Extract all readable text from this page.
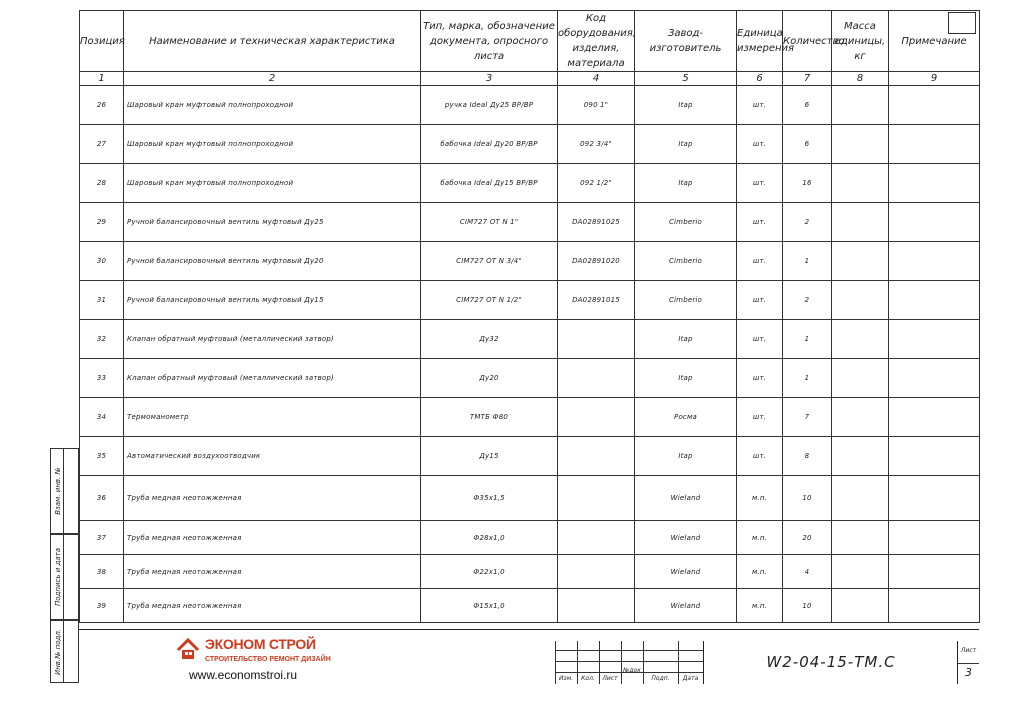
Позиция	Наименование и техническая характеристика	Тип, марка, обозначение документа, опросного листа	Код оборудования, изделия, материала	Завод-изготовитель	Единица измерения	Количество	Масса единицы, кг	Примечание
1	2	3	4	5	6	7	8	9
26	Шаровый кран муфтовый полнопроходной	ручка Ideal Ду25 ВР/ВР	090 1"	Itap	шт.	6		
27	Шаровый кран муфтовый полнопроходной	бабочка Ideal Ду20 ВР/ВР	092 3/4"	Itap	шт.	6		
28	Шаровый кран муфтовый полнопроходной	бабочка Ideal Ду15 ВР/ВР	092 1/2"	Itap	шт.	16		
29	Ручной балансировочный вентиль муфтовый Ду25	CIM727 OT N 1"	DA02891025	Cimberio	шт.	2		
30	Ручной балансировочный вентиль муфтовый Ду20	CIM727 OT N 3/4"	DA02891020	Cimberio	шт.	1		
31	Ручной балансировочный вентиль муфтовый Ду15	CIM727 OT N 1/2"	DA02891015	Cimberio	шт.	2		
32	Клапан обратный муфтовый (металлический затвор)	Ду32		Itap	шт.	1		
33	Клапан обратный муфтовый (металлический затвор)	Ду20		Itap	шт.	1		
34	Термоманометр	ТМТБ Ф80		Росма	шт.	7		
35	Автоматический воздухоотводчик	Ду15		Itap	шт.	8		
36	Труба медная неотожженная	Ф35х1,5		Wieland	м.п.	10		
37	Труба медная неотожженная	Ф28х1,0		Wieland	м.п.	20		
38	Труба медная неотожженная	Ф22х1,0		Wieland	м.п.	4		
39	Труба медная неотожженная	Ф15х1,0		Wieland	м.п.	10		
Взам. инв. №
Подпись и дата
Инв.№ подл.	ЭКОНОМ СТРОЙ
СТРОИТЕЛЬСТВО РЕМОНТ ДИЗАЙН
www.economstroi.ru	Изм.	Кол.	Лист
№док
Подп.	Дата
W2-04-15-ТМ.С
Лист
3
